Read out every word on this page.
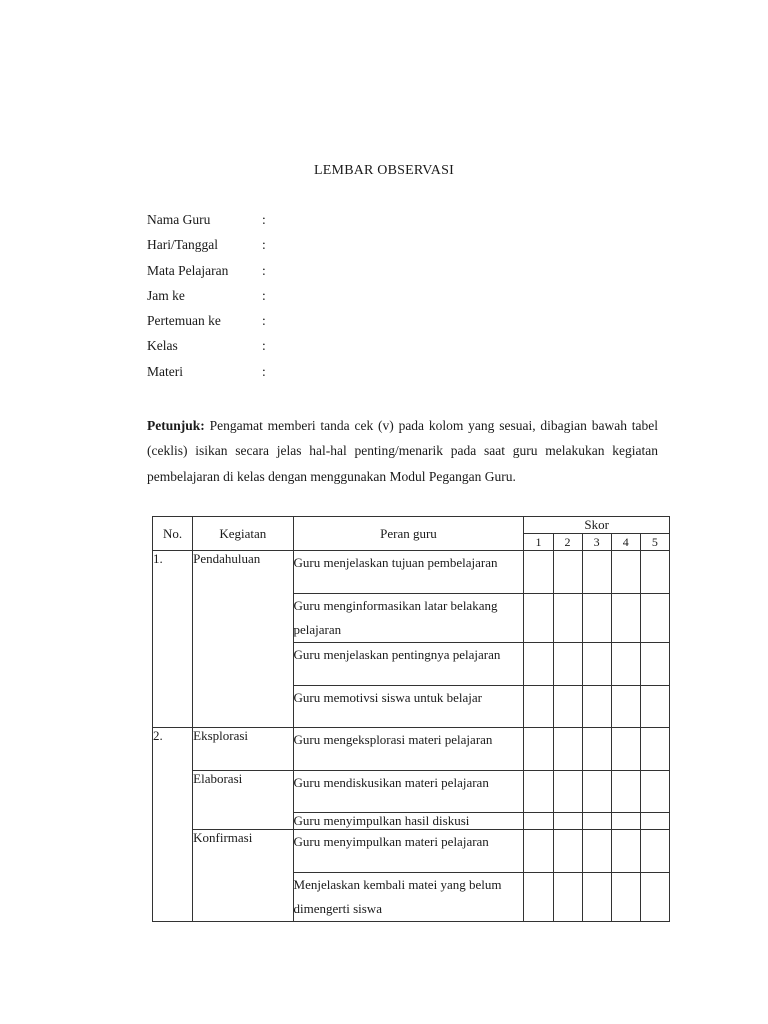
LEMBAR OBSERVASI
Nama Guru	:
Hari/Tanggal	:
Mata Pelajaran :
Jam ke	:
Pertemuan ke	:
Kelas	:
Materi	:
Petunjuk: Pengamat memberi tanda cek (v) pada kolom yang sesuai, dibagian bawah tabel (ceklis) isikan secara jelas hal-hal penting/menarik pada saat guru melakukan kegiatan pembelajaran di kelas dengan menggunakan Modul Pegangan Guru.
No.	Kegiatan	Peran guru	Skor				
			1	2	3	4	5
1.	Pendahuluan	Guru menjelaskan tujuan pembelajaran					
		Guru menginformasikan latar belakang pelajaran					
		Guru menjelaskan pentingnya pelajaran					
		Guru memotivsi siswa untuk belajar					
2.	Eksplorasi	Guru mengeksplorasi materi pelajaran					
	Elaborasi	Guru mendiskusikan materi pelajaran					
		Guru menyimpulkan hasil diskusi					
	Konfirmasi	Guru menyimpulkan materi pelajaran					
		Menjelaskan kembali matei yang belum dimengerti siswa					
